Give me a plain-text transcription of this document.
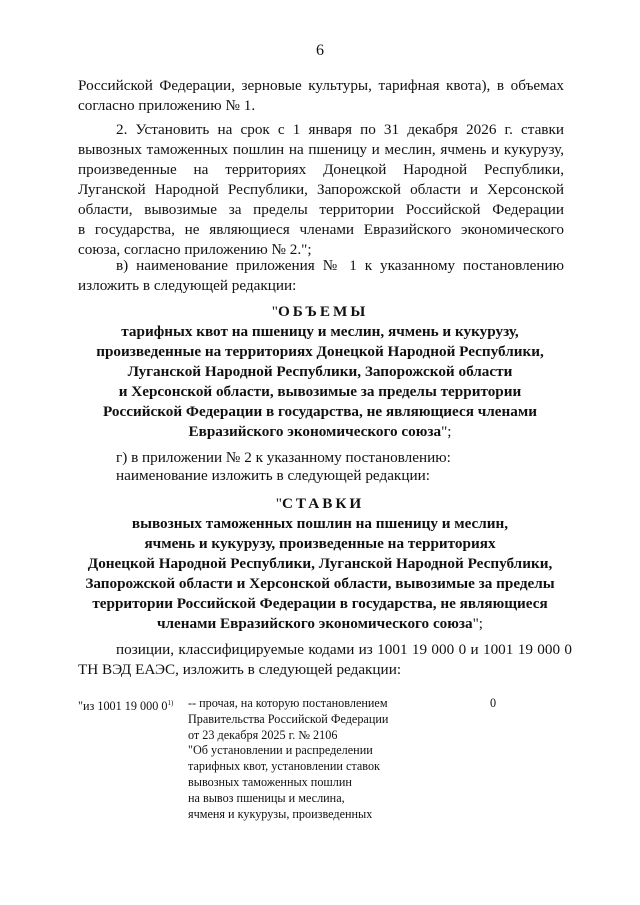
6
Российской Федерации, зерновые культуры, тарифная квота), в объемах
согласно приложению № 1.
2. Установить на срок с 1 января по 31 декабря 2026 г. ставки
вывозных таможенных пошлин на пшеницу и меслин, ячмень и кукурузу,
произведенные на территориях Донецкой Народной Республики,
Луганской Народной Республики, Запорожской области и Херсонской
области, вывозимые за пределы территории Российской Федерации
в государства, не являющиеся членами Евразийского экономического
союза, согласно приложению № 2.";
в) наименование приложения № 1 к указанному постановлению
изложить в следующей редакции:
"ОБЪЕМЫ
тарифных квот на пшеницу и меслин, ячмень и кукурузу,
произведенные на территориях Донецкой Народной Республики,
Луганской Народной Республики, Запорожской области
и Херсонской области, вывозимые за пределы территории
Российской Федерации в государства, не являющиеся членами
Евразийского экономического союза";
г) в приложении № 2 к указанному постановлению:
наименование изложить в следующей редакции:
"СТАВКИ
вывозных таможенных пошлин на пшеницу и меслин,
ячмень и кукурузу, произведенные на территориях
Донецкой Народной Республики, Луганской Народной Республики,
Запорожской области и Херсонской области, вывозимые за пределы
территории Российской Федерации в государства, не являющиеся
членами Евразийского экономического союза";
позиции, классифицируемые кодами из 1001 19 000 0 и 1001 19 000 0
ТН ВЭД ЕАЭС, изложить в следующей редакции:
"из 1001 19 000 0$^{1)}$ -- прочая, на которую постановлением
Правительства Российской Федерации
от 23 декабря 2025 г. № 2106
"Об установлении и распределении
тарифных квот, установлении ставок
вывозных таможенных пошлин
на вывоз пшеницы и меслина,
ячменя и кукурузы, произведенных
0
